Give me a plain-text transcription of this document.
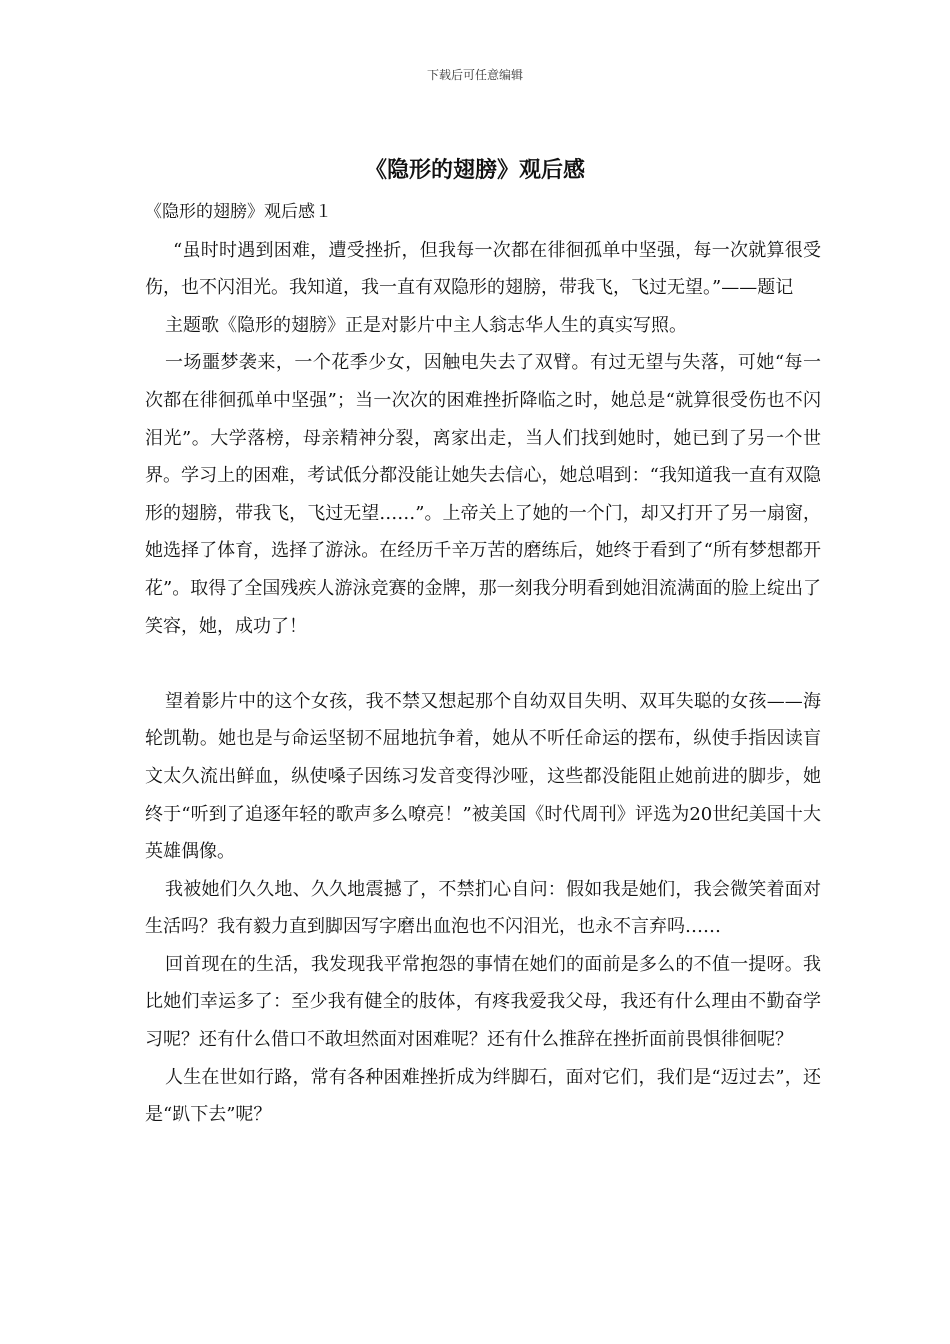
下载后可任意编辑
《隐形的翅膀》观后感

《隐形的翅膀》观后感１

“虽时时遇到困难，遭受挫折，但我每一次都在徘徊孤单中坚强，每一次就算很受伤，也不闪泪光。我知道，我一直有双隐形的翅膀，带我飞，飞过无望。”——题记

主题歌《隐形的翅膀》正是对影片中主人翁志华人生的真实写照。

一场噩梦袭来，一个花季少女，因触电失去了双臂。有过无望与失落，可她“每一次都在徘徊孤单中坚强”；当一次次的困难挫折降临之时，她总是“就算很受伤也不闪泪光”。大学落榜，母亲精神分裂，离家出走，当人们找到她时，她已到了另一个世界。学习上的困难，考试低分都没能让她失去信心，她总唱到：“我知道我一直有双隐形的翅膀，带我飞，飞过无望……”。上帝关上了她的一个门，却又打开了另一扇窗，她选择了体育，选择了游泳。在经历千辛万苦的磨练后，她终于看到了“所有梦想都开花”。取得了全国残疾人游泳竞赛的金牌，那一刻我分明看到她泪流满面的脸上绽出了笑容，她，成功了！

望着影片中的这个女孩，我不禁又想起那个自幼双目失明、双耳失聪的女孩——海轮凯勒。她也是与命运坚韧不屈地抗争着，她从不听任命运的摆布，纵使手指因读盲文太久流出鲜血，纵使嗓子因练习发音变得沙哑，这些都没能阻止她前进的脚步，她终于“听到了追逐年轻的歌声多么嘹亮！”被美国《时代周刊》评选为20世纪美国十大英雄偶像。

我被她们久久地、久久地震撼了，不禁扪心自问：假如我是她们，我会微笑着面对生活吗？我有毅力直到脚因写字磨出血泡也不闪泪光，也永不言弃吗……

回首现在的生活，我发现我平常抱怨的事情在她们的面前是多么的不值一提呀。我比她们幸运多了：至少我有健全的肢体，有疼我爱我父母，我还有什么理由不勤奋学习呢？还有什么借口不敢坦然面对困难呢？还有什么推辞在挫折面前畏惧徘徊呢？

人生在世如行路，常有各种困难挫折成为绊脚石，面对它们，我们是“迈过去”，还是“趴下去”呢？
